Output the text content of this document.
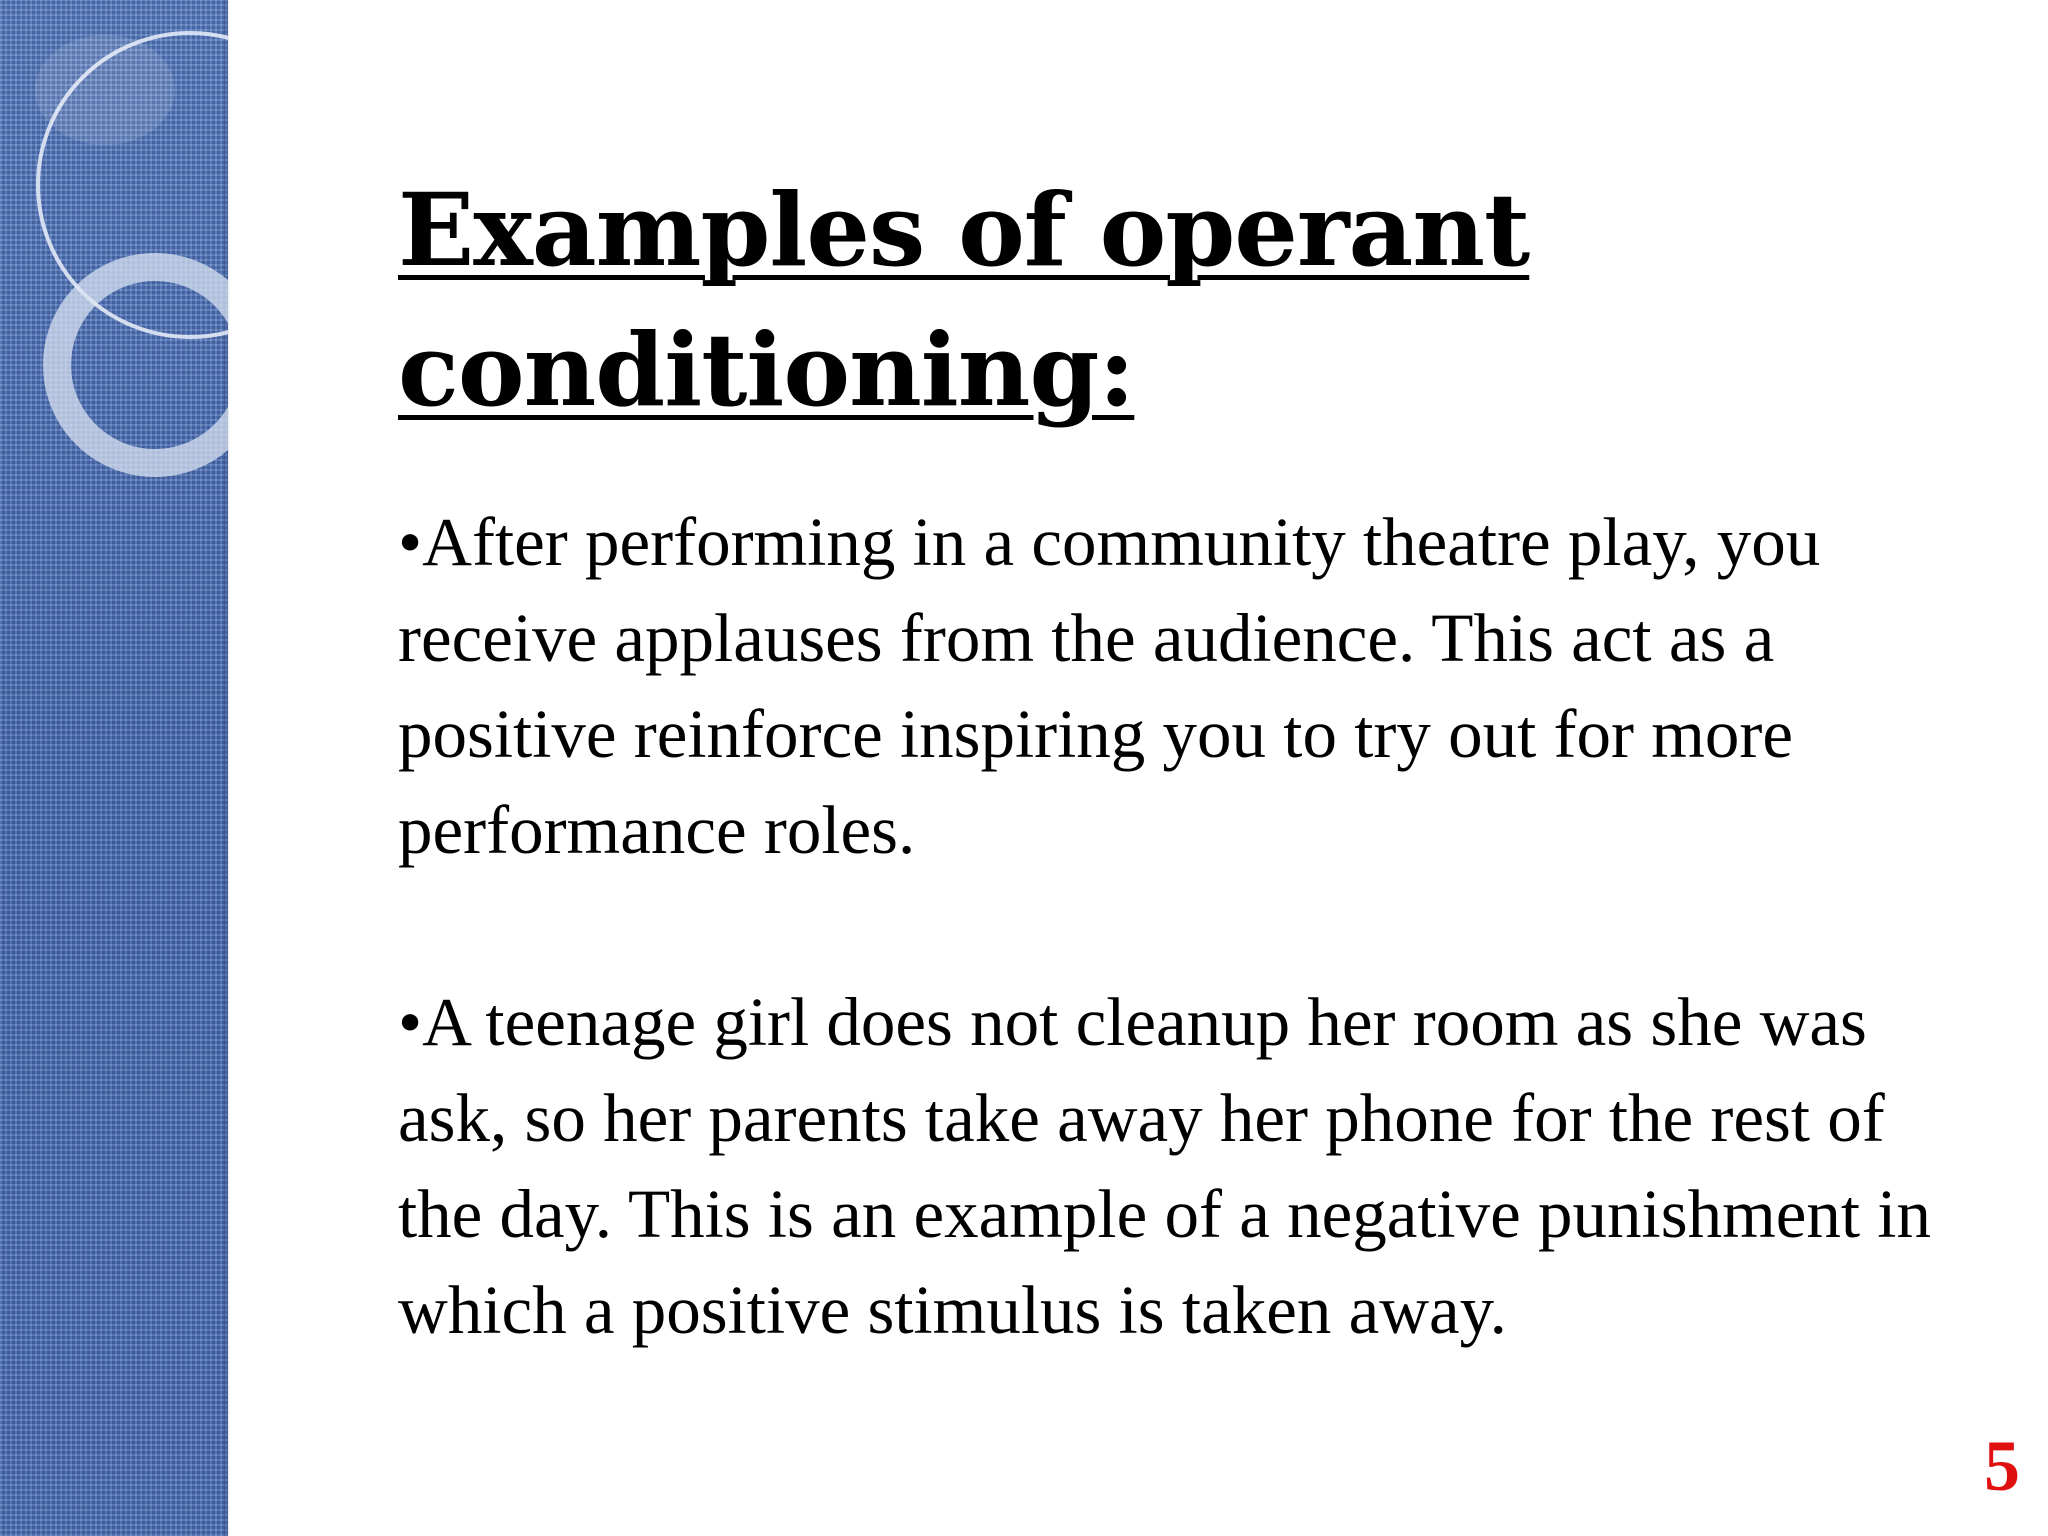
Examples of operant conditioning:

•After performing in a community theatre play, you receive applauses from the audience. This act as a positive reinforce inspiring you to try out for more performance roles.

•A teenage girl does not cleanup her room as she was ask, so her parents take away her phone for the rest of the day. This is an example of a negative punishment in which a positive stimulus is taken away.

5
